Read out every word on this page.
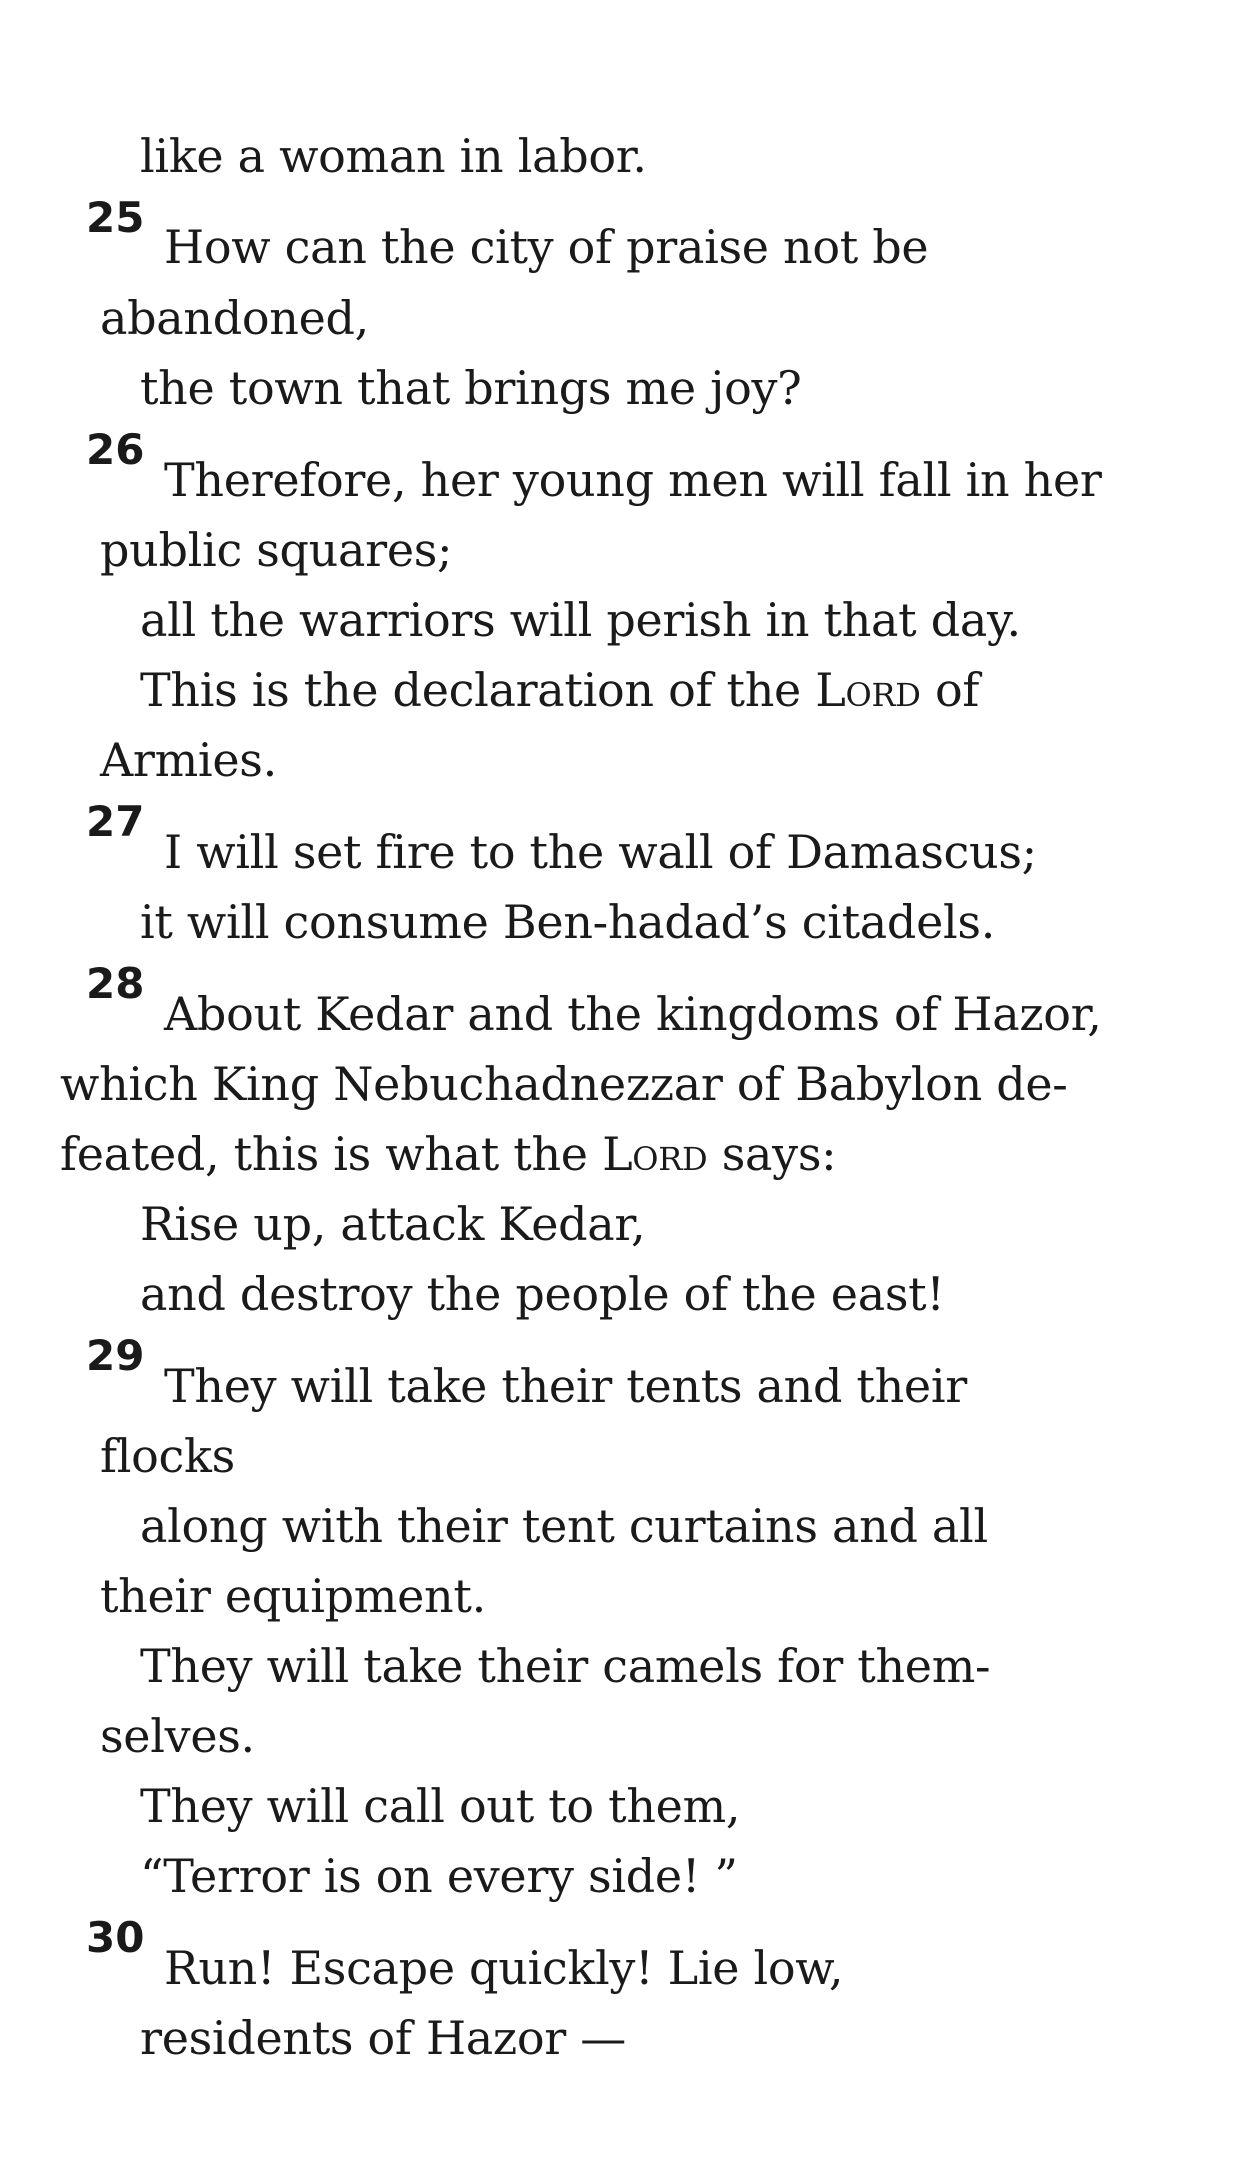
like a woman in labor.
25
How can the city of praise not be
abandoned,
the town that brings me joy?
26
Therefore, her young men will fall in her
public squares;
all the warriors will perish in that day.
This is the declaration of the Lord of
Armies.
27
I will set fire to the wall of Damascus;
it will consume Ben-hadad’s citadels.
28
About Kedar and the kingdoms of Hazor,
which King Nebuchadnezzar of Babylon de-
feated, this is what the Lord says:
Rise up, attack Kedar,
and destroy the people of the east!
29
They will take their tents and their
flocks
along with their tent curtains and all
their equipment.
They will take their camels for them-
selves.
They will call out to them,
“Terror is on every side! ”
30
Run! Escape quickly! Lie low,
residents of Hazor —
